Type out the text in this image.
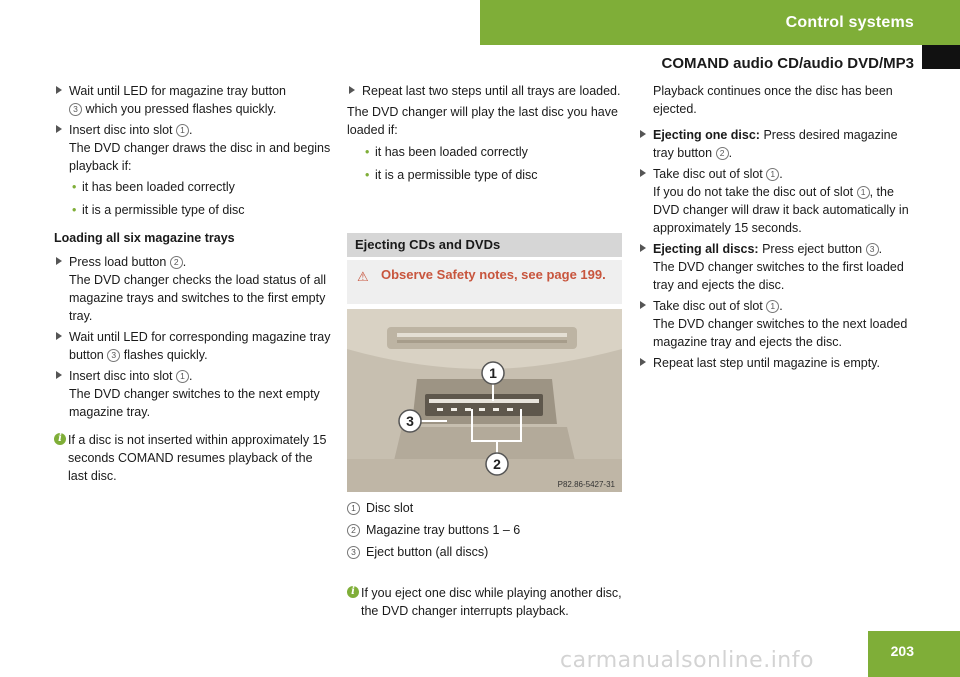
Control systems
COMAND audio CD/audio DVD/MP3
Wait until LED for magazine tray button
3 which you pressed flashes quickly.
Insert disc into slot 1 .
The DVD changer draws the disc in and begins playback if:
• it has been loaded correctly
• it is a permissible type of disc
Loading all six magazine trays
Press load button 2 .
The DVD changer checks the load status of all magazine trays and switches to the first empty tray.
Wait until LED for corresponding magazine tray button 3 flashes quickly.
Insert disc into slot 1 .
The DVD changer switches to the next empty magazine tray.
i If a disc is not inserted within approximately 15 seconds COMAND resumes playback of the last disc.
Repeat last two steps until all trays are loaded.
The DVD changer will play the last disc you have loaded if:
• it has been loaded correctly
• it is a permissible type of disc
Ejecting CDs and DVDs
⚠ Observe Safety notes, see page 199.
1
3
2
P82.86-5427-31
1 Disc slot
2 Magazine tray buttons 1 – 6
3 Eject button (all discs)
i If you eject one disc while playing another disc, the DVD changer interrupts playback.
Playback continues once the disc has been ejected.
Ejecting one disc: Press desired magazine tray button 2 .
Take disc out of slot 1 .
If you do not take the disc out of slot 1 , the DVD changer will draw it back automatically in approximately 15 seconds.
Ejecting all discs: Press eject button 3 .
The DVD changer switches to the first loaded tray and ejects the disc.
Take disc out of slot 1 .
The DVD changer switches to the next loaded magazine tray and ejects the disc.
Repeat last step until magazine is empty.
carmanualsonline.info	203
